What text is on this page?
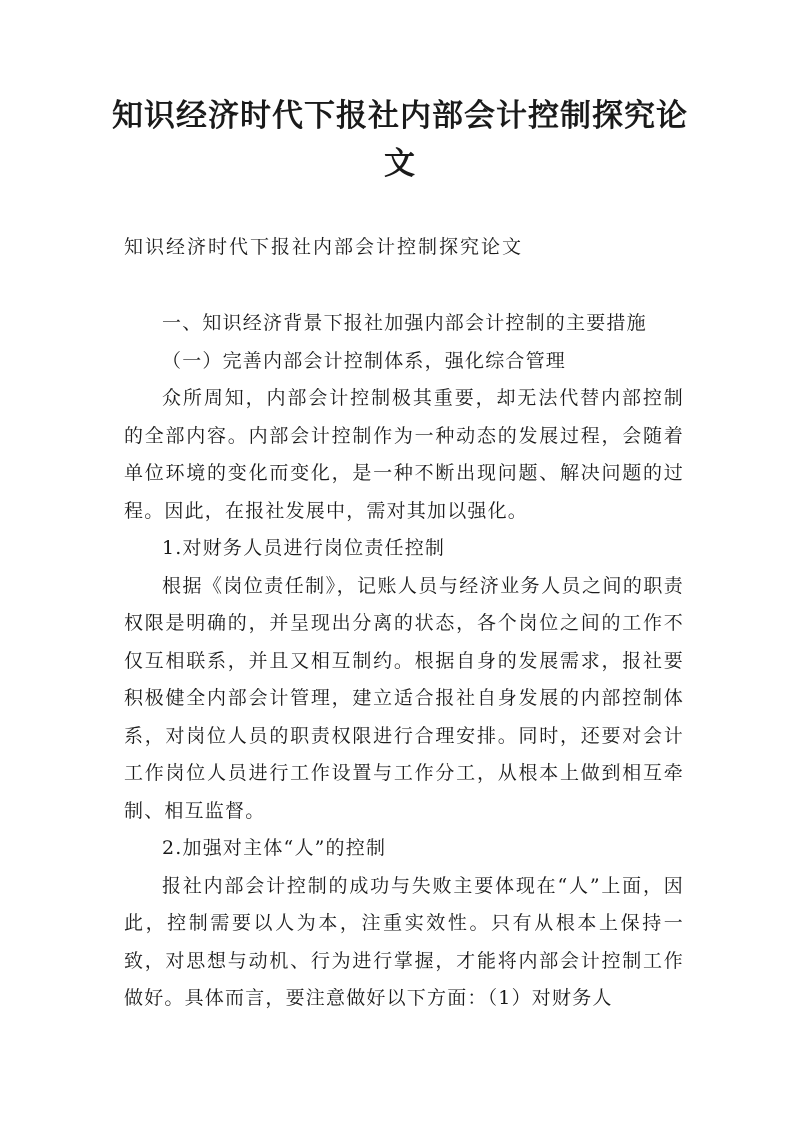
知识经济时代下报社内部会计控制探究论文
知识经济时代下报社内部会计控制探究论文

一、知识经济背景下报社加强内部会计控制的主要措施

（一）完善内部会计控制体系，强化综合管理

众所周知，内部会计控制极其重要，却无法代替内部控制的全部内容。内部会计控制作为一种动态的发展过程，会随着单位环境的变化而变化，是一种不断出现问题、解决问题的过程。因此，在报社发展中，需对其加以强化。

1.对财务人员进行岗位责任控制

根据《岗位责任制》，记账人员与经济业务人员之间的职责权限是明确的，并呈现出分离的状态，各个岗位之间的工作不仅互相联系，并且又相互制约。根据自身的发展需求，报社要积极健全内部会计管理，建立适合报社自身发展的内部控制体系，对岗位人员的职责权限进行合理安排。同时，还要对会计工作岗位人员进行工作设置与工作分工，从根本上做到相互牵制、相互监督。

2.加强对主体“人”的控制

报社内部会计控制的成功与失败主要体现在“人”上面，因此，控制需要以人为本，注重实效性。只有从根本上保持一致，对思想与动机、行为进行掌握，才能将内部会计控制工作做好。具体而言，要注意做好以下方面：（1）对财务人
